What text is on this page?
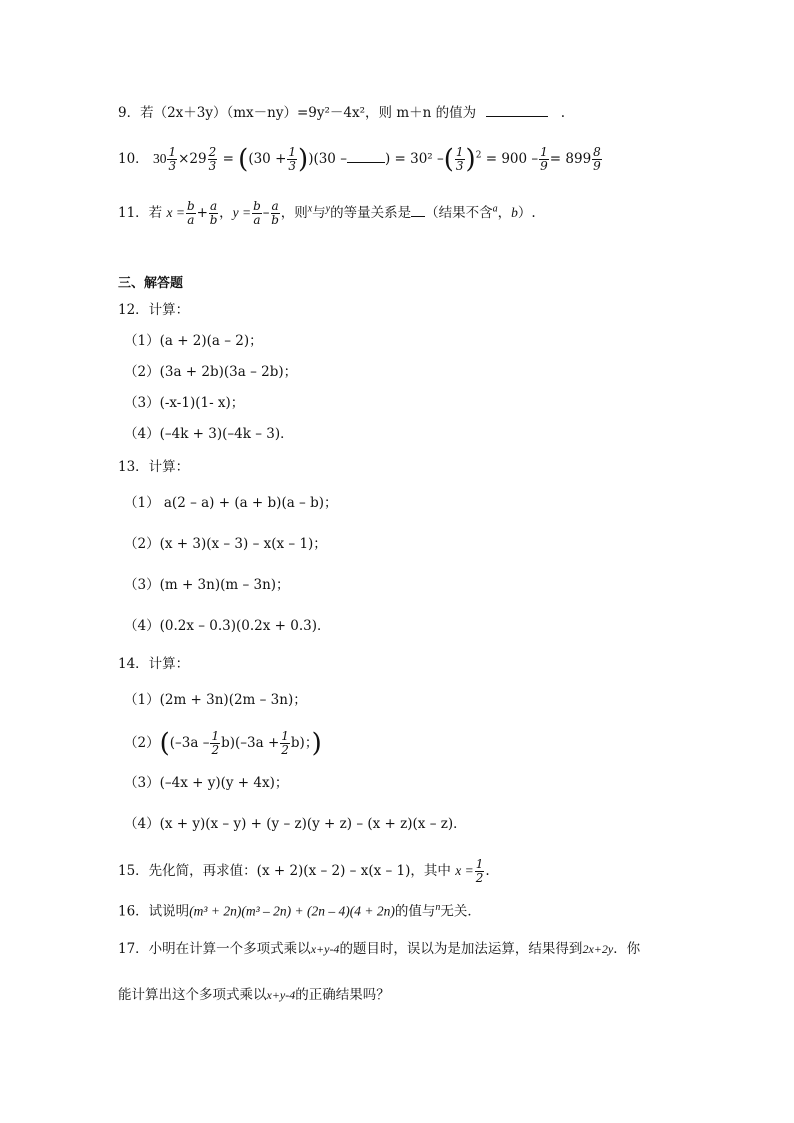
9．若（2x＋3y）（mx－ny）=9y²－4x²，则 m＋n 的值为	.
10． $30 \frac{1}{3} \times 29 \frac{2}{3} = ((30 + \frac{1}{3} ))(30$ –	) = 30² –( $\frac{1}{3} )^2 = 900 - \frac{1}{9} = 899 \frac{8}{9}$
11．若 $x = \frac{b}{a} + \frac{a}{b}$ ，$y = \frac{b}{a} - \frac{a}{b}$ ，则$^x$与$^y$的等量关系是 （结果不含$^a$，b）.
三、解答题
12．计算：
（1）(a + 2)(a – 2)；
（2）(3a + 2b)(3a – 2b)；
（3）(-x-1)(1- x)；
（4）(–4k + 3)(–4k – 3)．
13．计算：
（1） a(2 – a) + (a + b)(a – b)；
（2）(x + 3)(x – 3) – x(x – 1)；
（3）(m + 3n)(m – 3n)；
（4）(0.2x – 0.3)(0.2x + 0.3)．
14．计算：
（1）(2m + 3n)(2m – 3n)；
$(2)((-3a - \frac{1}{2} b)(-3a + \frac{1}{2} b)$；)
（3）(–4x + y)(y + 4x)；
（4）(x + y)(x – y) + (y – z)(y + z) – (x + z)(x – z)．
15．先化简，再求值：(x + 2)(x – 2) – x(x – 1)，其中 $x = \frac{1}{2}$ .
16．试说明(m³ + 2n)(m³ – 2n) + (2n – 4)(4 + 2n)的值与$^n$无关．
17．小明在计算一个多项式乘以x+y-4的题目时，误以为是加法运算，结果得到2x+2y．你
能计算出这个多项式乘以x+y-4的正确结果吗？
